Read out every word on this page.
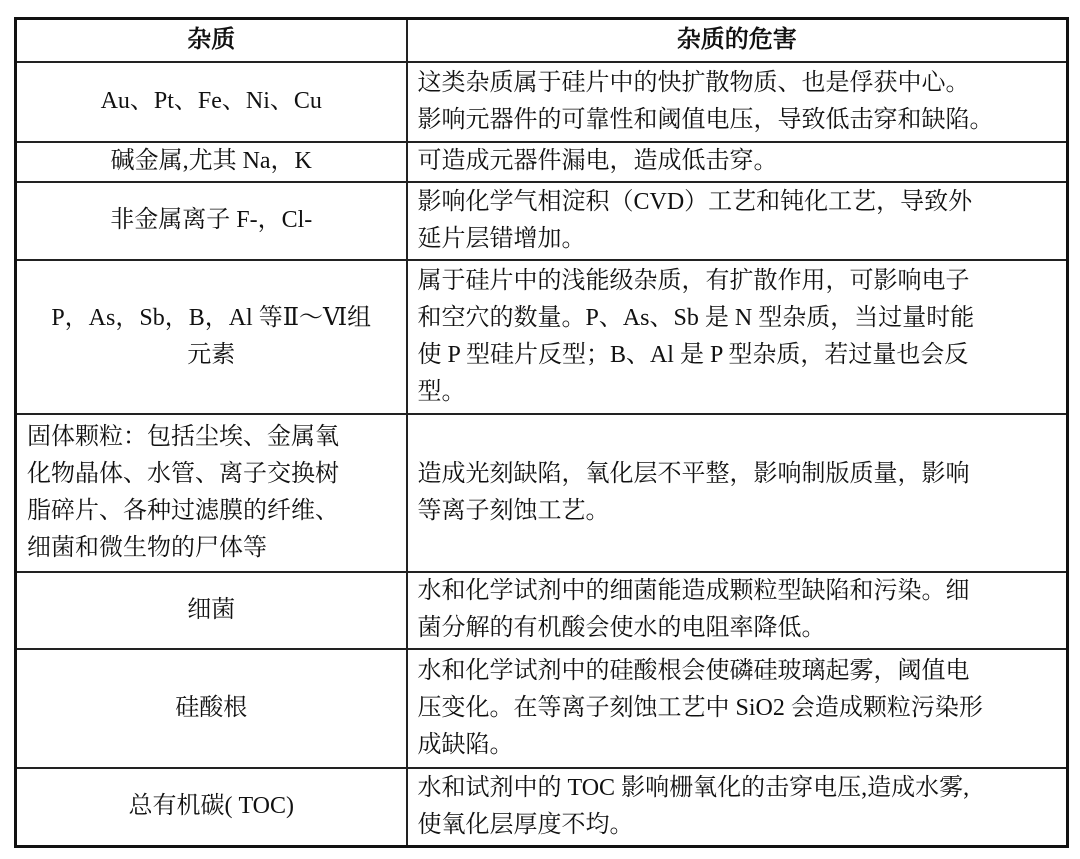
杂质	杂质的危害

Au、Pt、Fe、Ni、Cu	这类杂质属于硅片中的快扩散物质、也是俘获中心。
影响元器件的可靠性和阈值电压，导致低击穿和缺陷。

碱金属,尤其 Na，K	可造成元器件漏电，造成低击穿。

非金属离子 F-，Cl-	影响化学气相淀积（CVD）工艺和钝化工艺，导致外
延片层错增加。

P，As，Sb，B，Al 等Ⅱ～Ⅵ组
元素	属于硅片中的浅能级杂质，有扩散作用，可影响电子
和空穴的数量。P、As、Sb 是 N 型杂质，当过量时能
使 P 型硅片反型；B、Al 是 P 型杂质，若过量也会反
型。

固体颗粒：包括尘埃、金属氧
化物晶体、水管、离子交换树
脂碎片、各种过滤膜的纤维、
细菌和微生物的尸体等	造成光刻缺陷，氧化层不平整，影响制版质量，影响
等离子刻蚀工艺。

细菌	水和化学试剂中的细菌能造成颗粒型缺陷和污染。细
菌分解的有机酸会使水的电阻率降低。

硅酸根	水和化学试剂中的硅酸根会使磷硅玻璃起雾，阈值电
压变化。在等离子刻蚀工艺中 SiO2 会造成颗粒污染形
成缺陷。

总有机碳( TOC)	水和试剂中的 TOC 影响栅氧化的击穿电压,造成水雾,
使氧化层厚度不均。
